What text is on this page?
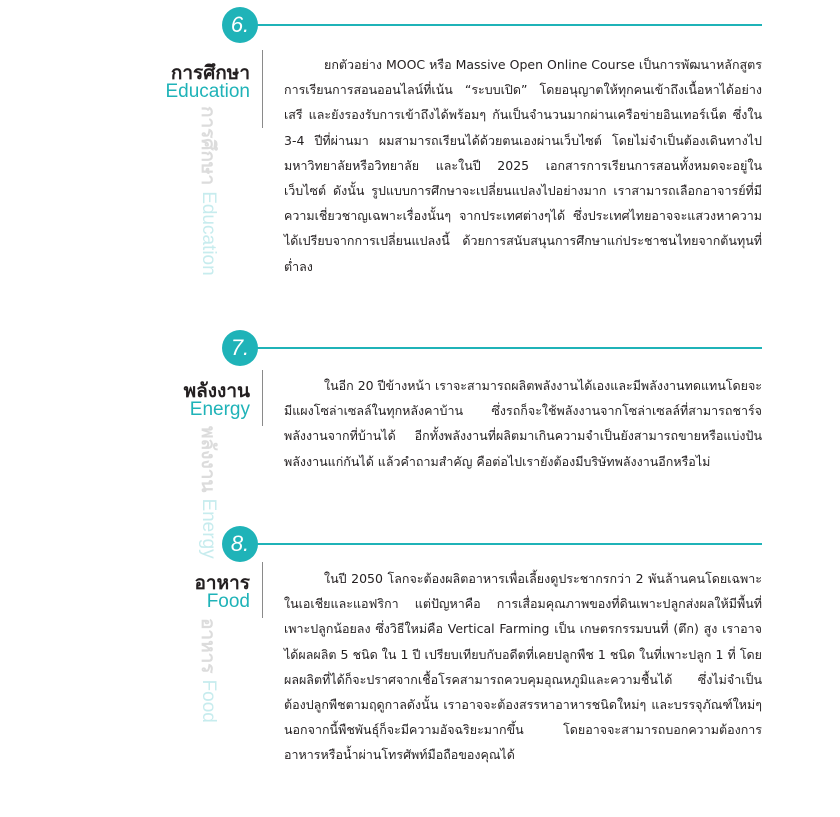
6.
การศึกษา
Education
การศึกษา Education
ยกตัวอย่าง MOOC หรือ Massive Open Online Course เป็นการพัฒนาหลักสูตรการเรียนการสอนออนไลน์ที่เน้น “ระบบเปิด” โดยอนุญาตให้ทุกคนเข้าถึงเนื้อหาได้อย่างเสรี และยังรองรับการเข้าถึงได้พร้อมๆ กันเป็นจำนวนมากผ่านเครือข่ายอินเทอร์เน็ต ซึ่งใน 3-4 ปีที่ผ่านมา ผมสามารถเรียนได้ด้วยตนเองผ่านเว็บไซต์ โดยไม่จำเป็นต้องเดินทางไปมหาวิทยาลัยหรือวิทยาลัย และในปี 2025 เอกสารการเรียนการสอนทั้งหมดจะอยู่ในเว็บไซต์ ดังนั้น รูปแบบการศึกษาจะเปลี่ยนแปลงไปอย่างมาก เราสามารถเลือกอาจารย์ที่มีความเชี่ยวชาญเฉพาะเรื่องนั้นๆ จากประเทศต่างๆได้ ซึ่งประเทศไทยอาจจะแสวงหาความได้เปรียบจากการเปลี่ยนแปลงนี้ ด้วยการสนับสนุนการศึกษาแก่ประชาชนไทยจากต้นทุนที่ต่ำลง
7.
พลังงาน
Energy
พลังงาน Energy
ในอีก 20 ปีข้างหน้า เราจะสามารถผลิตพลังงานได้เองและมีพลังงานทดแทนโดยจะมีแผงโซล่าเซลล์ในทุกหลังคาบ้าน ซึ่งรถก็จะใช้พลังงานจากโซล่าเซลล์ที่สามารถชาร์จพลังงานจากที่บ้านได้ อีกทั้งพลังงานที่ผลิตมาเกินความจำเป็นยังสามารถขายหรือแบ่งปันพลังงานแก่กันได้ แล้วคำถามสำคัญ คือต่อไปเรายังต้องมีบริษัทพลังงานอีกหรือไม่
8.
อาหาร
Food
อาหาร Food
ในปี 2050 โลกจะต้องผลิตอาหารเพื่อเลี้ยงดูประชากรกว่า 2 พันล้านคนโดยเฉพาะในเอเชียและแอฟริกา แต่ปัญหาคือ การเสื่อมคุณภาพของที่ดินเพาะปลูกส่งผลให้มีพื้นที่เพาะปลูกน้อยลง ซึ่งวิธีใหม่คือ Vertical Farming เป็น เกษตรกรรมบนที่ (ตึก) สูง เราอาจได้ผลผลิต 5 ชนิด ใน 1 ปี เปรียบเทียบกับอดีตที่เคยปลูกพืช 1 ชนิด ในที่เพาะปลูก 1 ที่ โดยผลผลิตที่ได้ก็จะปราศจากเชื้อโรคสามารถควบคุมอุณหภูมิและความชื้นได้ ซึ่งไม่จำเป็นต้องปลูกพืชตามฤดูกาลดังนั้น เราอาจจะต้องสรรหาอาหารชนิดใหม่ๆ และบรรจุภัณฑ์ใหม่ๆ นอกจากนี้พืชพันธุ์ก็จะมีความอัจฉริยะมากขึ้น โดยอาจจะสามารถบอกความต้องการอาหารหรือน้ำผ่านโทรศัพท์มือถือของคุณได้
